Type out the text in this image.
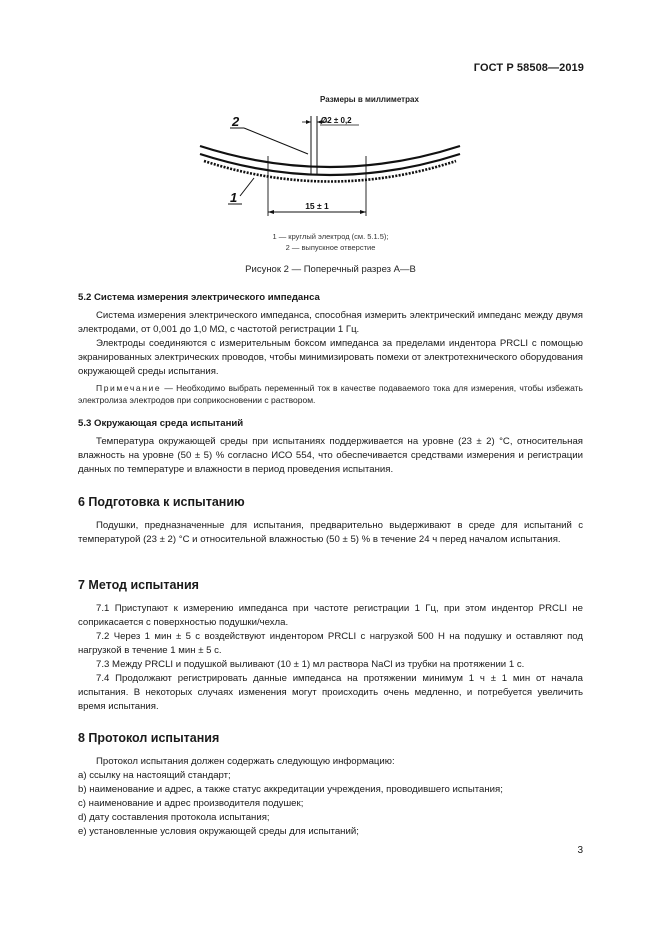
ГОСТ Р 58508—2019
Размеры в миллиметрах
2	Ø2 ± 0,2
1
15 ± 1
1 — круглый электрод (см. 5.1.5);
2 — выпускное отверстие
Рисунок 2 — Поперечный разрез А—В
5.2 Система измерения электрического импеданса
Система измерения электрического импеданса, способная измерить электрический импеданс между двумя электродами, от 0,001 до 1,0 MΩ, с частотой регистрации 1 Гц.
Электроды соединяются с измерительным боксом импеданса за пределами индентора PRCLI с помощью экранированных электрических проводов, чтобы минимизировать помехи от электротехнического оборудования окружающей среды испытания.
Примечание — Необходимо выбрать переменный ток в качестве подаваемого тока для измерения, чтобы избежать электролиза электродов при соприкосновении с раствором.
5.3 Окружающая среда испытаний
Температура окружающей среды при испытаниях поддерживается на уровне (23 ± 2) °С, относительная влажность на уровне (50 ± 5) % согласно ИСО 554, что обеспечивается средствами измерения и регистрации данных по температуре и влажности в период проведения испытания.
6 Подготовка к испытанию
Подушки, предназначенные для испытания, предварительно выдерживают в среде для испытаний с температурой (23 ± 2) °С и относительной влажностью (50 ± 5) % в течение 24 ч перед началом испытания.
7 Метод испытания
7.1 Приступают к измерению импеданса при частоте регистрации 1 Гц, при этом индентор PRCLI не соприкасается с поверхностью подушки/чехла.
7.2 Через 1 мин ± 5 с воздействуют индентором PRCLI с нагрузкой 500 Н на подушку и оставляют под нагрузкой в течение 1 мин ± 5 с.
7.3 Между PRCLI и подушкой выливают (10 ± 1) мл раствора NaCl из трубки на протяжении 1 с.
7.4 Продолжают регистрировать данные импеданса на протяжении минимум 1 ч ± 1 мин от начала испытания. В некоторых случаях изменения могут происходить очень медленно, и потребуется увеличить время испытания.
8 Протокол испытания
Протокол испытания должен содержать следующую информацию:
a) ссылку на настоящий стандарт;
b) наименование и адрес, а также статус аккредитации учреждения, проводившего испытания;
c) наименование и адрес производителя подушек;
d) дату составления протокола испытания;
e) установленные условия окружающей среды для испытаний;
3
